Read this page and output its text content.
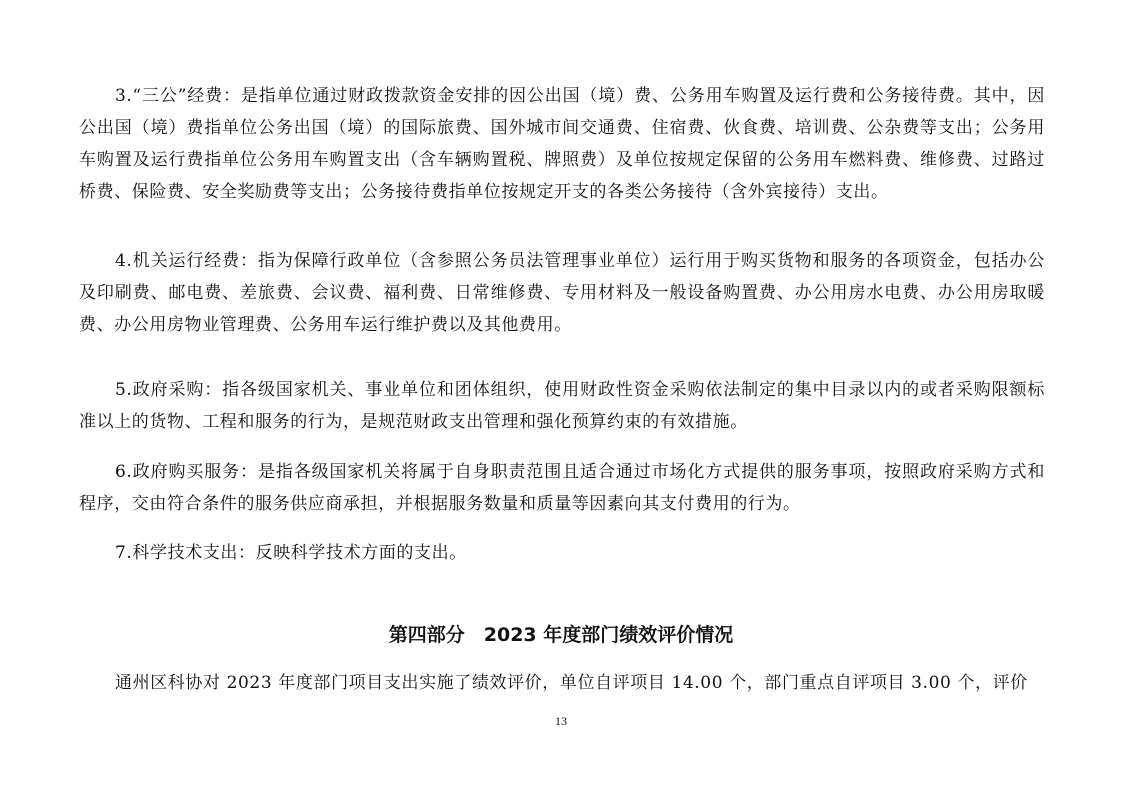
3.“三公”经费：是指单位通过财政拨款资金安排的因公出国（境）费、公务用车购置及运行费和公务接待费。其中，因公出国（境）费指单位公务出国（境）的国际旅费、国外城市间交通费、住宿费、伙食费、培训费、公杂费等支出；公务用车购置及运行费指单位公务用车购置支出（含车辆购置税、牌照费）及单位按规定保留的公务用车燃料费、维修费、过路过桥费、保险费、安全奖励费等支出；公务接待费指单位按规定开支的各类公务接待（含外宾接待）支出。

4.机关运行经费：指为保障行政单位（含参照公务员法管理事业单位）运行用于购买货物和服务的各项资金，包括办公及印刷费、邮电费、差旅费、会议费、福利费、日常维修费、专用材料及一般设备购置费、办公用房水电费、办公用房取暖费、办公用房物业管理费、公务用车运行维护费以及其他费用。

5.政府采购：指各级国家机关、事业单位和团体组织，使用财政性资金采购依法制定的集中目录以内的或者采购限额标准以上的货物、工程和服务的行为，是规范财政支出管理和强化预算约束的有效措施。

6.政府购买服务：是指各级国家机关将属于自身职责范围且适合通过市场化方式提供的服务事项，按照政府采购方式和程序，交由符合条件的服务供应商承担，并根据服务数量和质量等因素向其支付费用的行为。

7.科学技术支出：反映科学技术方面的支出。

第四部分　2023 年度部门绩效评价情况

通州区科协对 2023 年度部门项目支出实施了绩效评价，单位自评项目 14.00 个，部门重点自评项目 3.00 个，评价

13
